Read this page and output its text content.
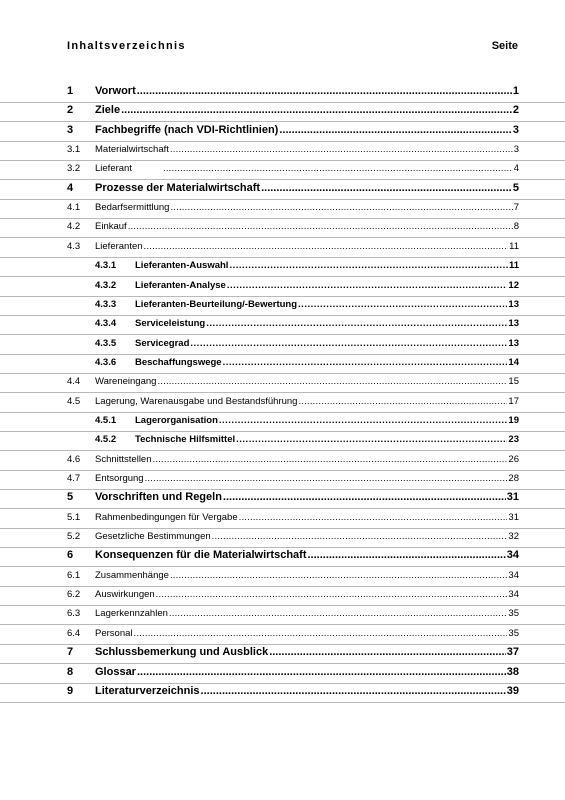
Inhaltsverzeichnis	Seite
1 Vorwort .....	1
2 Ziele .....	2
3 Fachbegriffe (nach VDI-Richtlinien) .....	3
3.1 Materialwirtschaft .....	3
3.2 Lieferant .....	4
4 Prozesse der Materialwirtschaft .....	5
4.1 Bedarfsermittlung .....	7
4.2 Einkauf .....	8
4.3 Lieferanten .....	11
4.3.1 Lieferanten-Auswahl .....	11
4.3.2 Lieferanten-Analyse .....	12
4.3.3 Lieferanten-Beurteilung/-Bewertung .....	13
4.3.4 Serviceleistung .....	13
4.3.5 Servicegrad .....	13
4.3.6 Beschaffungswege .....	14
4.4 Wareneingang .....	15
4.5 Lagerung, Warenausgabe und Bestandsführung .....	17
4.5.1 Lagerorganisation .....	19
4.5.2 Technische Hilfsmittel .....	23
4.6 Schnittstellen .....	26
4.7 Entsorgung .....	28
5 Vorschriften und Regeln .....	31
5.1 Rahmenbedingungen für Vergabe .....	31
5.2 Gesetzliche Bestimmungen .....	32
6 Konsequenzen für die Materialwirtschaft .....	34
6.1 Zusammenhänge .....	34
6.2 Auswirkungen .....	34
6.3 Lagerkennzahlen .....	35
6.4 Personal .....	35
7 Schlussbemerkung und Ausblick .....	37
8 Glossar .....	38
9 Literaturverzeichnis .....	39
